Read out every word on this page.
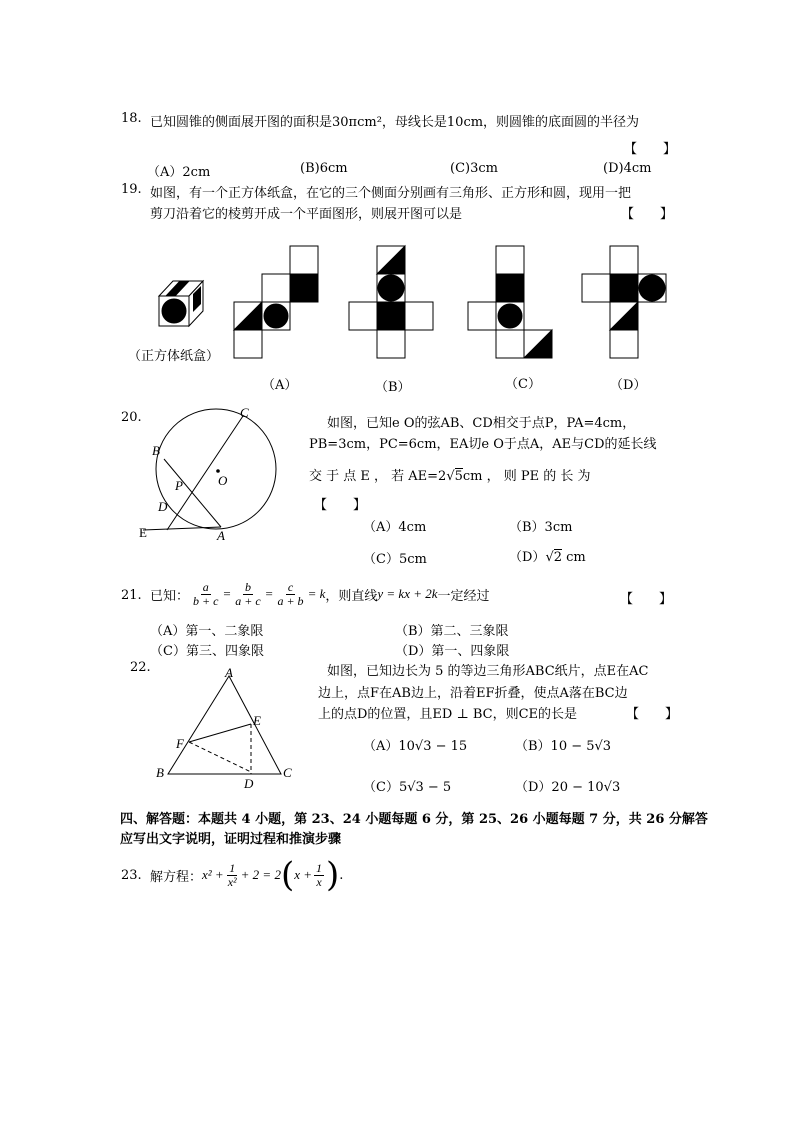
18. 已知圆锥的侧面展开图的面积是30πcm²，母线长是10cm，则圆锥的底面圆的半径为
【　　】
（A）2cm	(B)6cm	(C)3cm	(D)4cm
19. 如图，有一个正方体纸盒，在它的三个侧面分别画有三角形、正方形和圆，现用一把
剪刀沿着它的棱剪开成一个平面图形，则展开图可以是	【　　】
（正方体纸盒）
（A）	（B）	（C）	（D）
20.	C
B
P	O
D
E	A
如图，已知e O的弦AB、CD相交于点P，PA=4cm，
PB=3cm，PC=6cm，EA切e O于点A，AE与CD的延长线
交 于 点 E ， 若 AE=2√5cm ， 则 PE 的 长 为
【　　】
（A）4cm	（B）3cm
（C）5cm	（D）√2 cm
21. 已知： $\frac{a}{b + c} = \frac{b}{a + c} = \frac{c}{a + b} = k$ ，则直线 y = kx + 2k 一定经过	【　　】
（A）第一、二象限	（B）第二、三象限
（C）第三、四象限	（D）第一、四象限
22.	A
E
F
B
D
C
如图，已知边长为 5 的等边三角形ABC纸片，点E在AC
边上，点F在AB边上，沿着EF折叠，使点A落在BC边
上的点D的位置，且ED ⊥ BC，则CE的长是	【　　】
（A）10√3 − 15	（B）10 − 5√3
（C）5√3 − 5	（D）20 − 10√3
四、解答题：本题共 4 小题，第 23、24 小题每题 6 分，第 25、26 小题每题 7 分，共 26 分解答
应写出文字说明，证明过程和推演步骤
23. 解方程： $x^2 + \frac{1}{\text{x²}} + 2 = 2$ ( $x + \frac{1}{x}$ ) .
